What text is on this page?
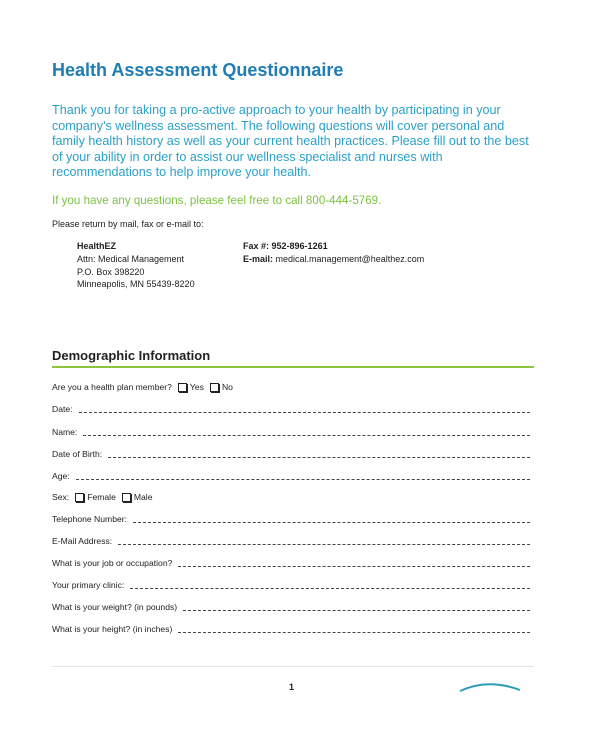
Health Assessment Questionnaire
Thank you for taking a pro-active approach to your health by participating in your company's wellness assessment. The following questions will cover personal and family health history as well as your current health practices. Please fill out to the best of your ability in order to assist our wellness specialist and nurses with recommendations to help improve your health.
If you have any questions, please feel free to call 800-444-5769.
Please return by mail, fax or e-mail to:
HealthEZ
Attn: Medical Management
P.O. Box 398220
Minneapolis, MN 55439-8220
Fax #: 952-896-1261
E-mail: medical.management@healthez.com
Demographic Information
Are you a health plan member? Yes No
Date:
Name:
Date of Birth:
Age:
Sex: Female Male
Telephone Number:
E-Mail Address:
What is your job or occupation?
Your primary clinic:
What is your weight? (in pounds)
What is your height? (in inches)
1
